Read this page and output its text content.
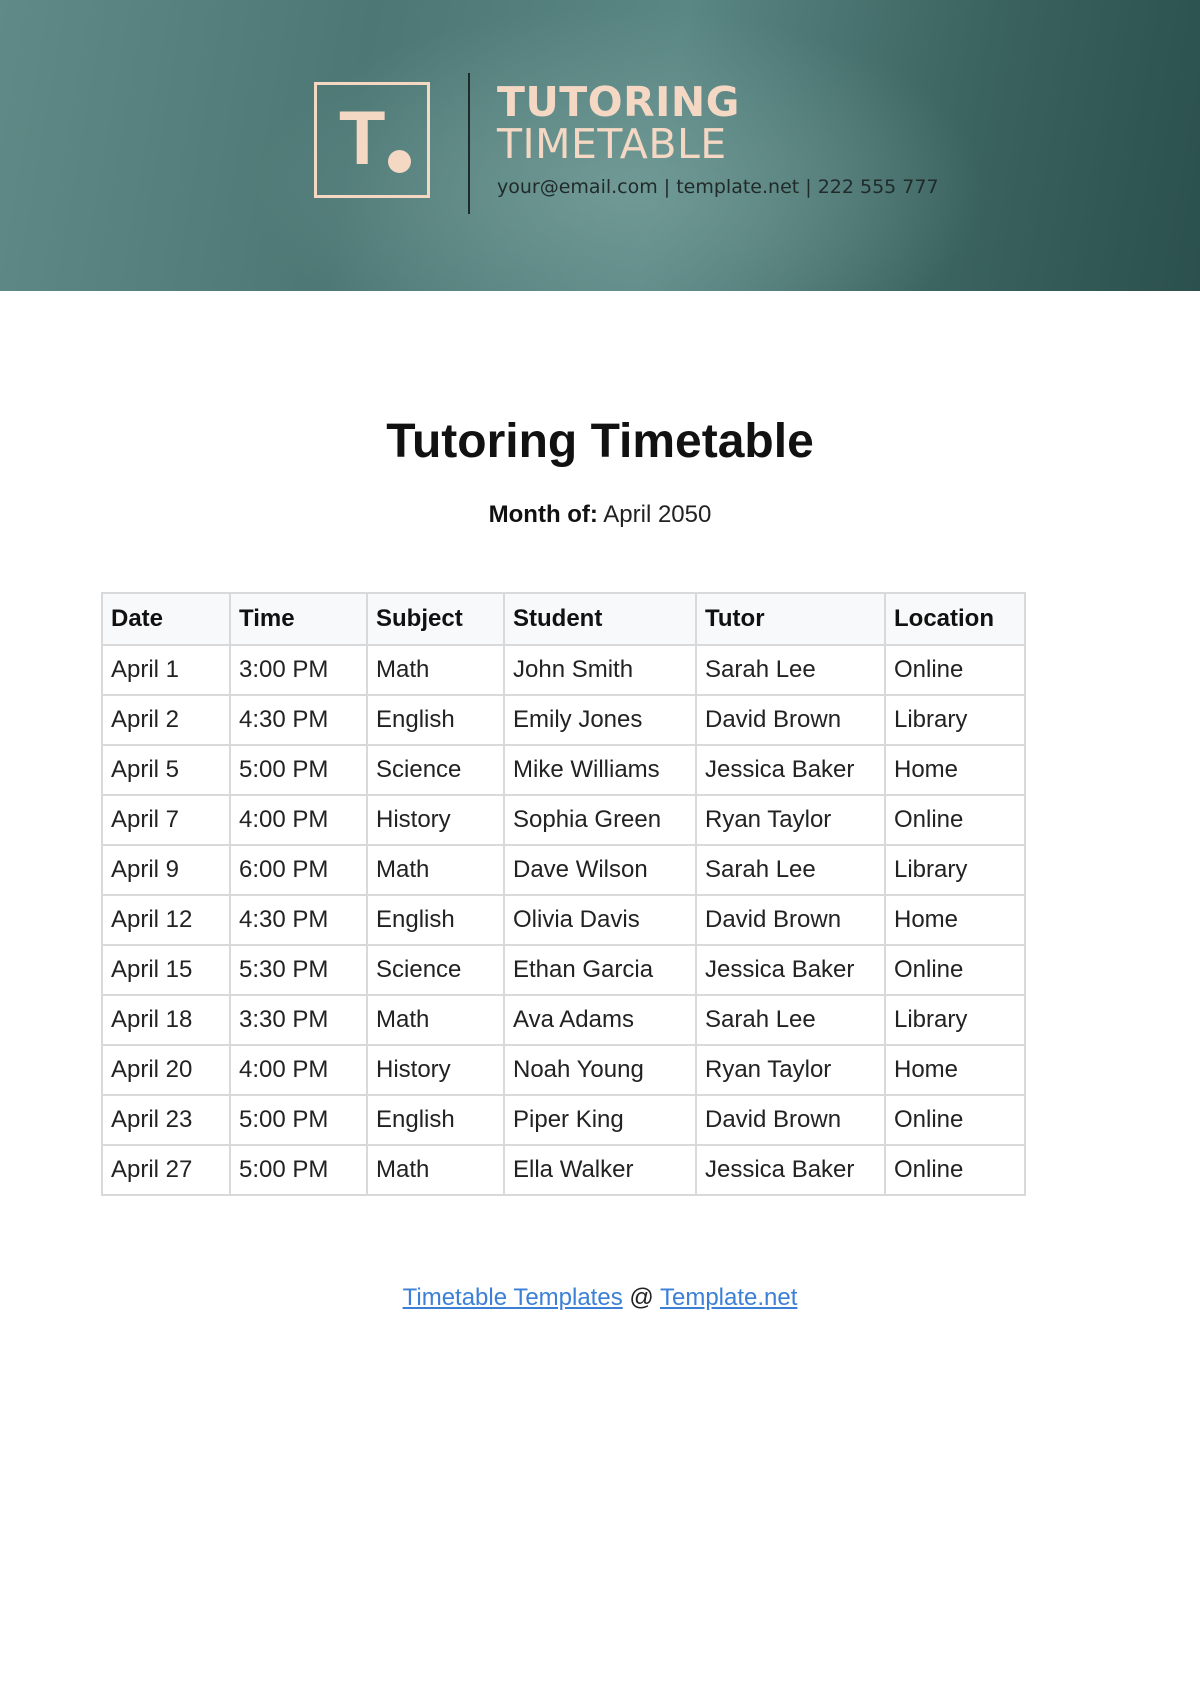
T	TUTORING
TIMETABLE
your@email.com | template.net | 222 555 777
Tutoring Timetable
Month of: April 2050
Date	Time	Subject	Student	Tutor	Location
April 1	3:00 PM	Math	John Smith	Sarah Lee	Online
April 2	4:30 PM	English	Emily Jones	David Brown	Library
April 5	5:00 PM	Science	Mike Williams	Jessica Baker	Home
April 7	4:00 PM	History	Sophia Green	Ryan Taylor	Online
April 9	6:00 PM	Math	Dave Wilson	Sarah Lee	Library
April 12	4:30 PM	English	Olivia Davis	David Brown	Home
April 15	5:30 PM	Science	Ethan Garcia	Jessica Baker	Online
April 18	3:30 PM	Math	Ava Adams	Sarah Lee	Library
April 20	4:00 PM	History	Noah Young	Ryan Taylor	Home
April 23	5:00 PM	English	Piper King	David Brown	Online
April 27	5:00 PM	Math	Ella Walker	Jessica Baker	Online
Timetable Templates @ Template.net
